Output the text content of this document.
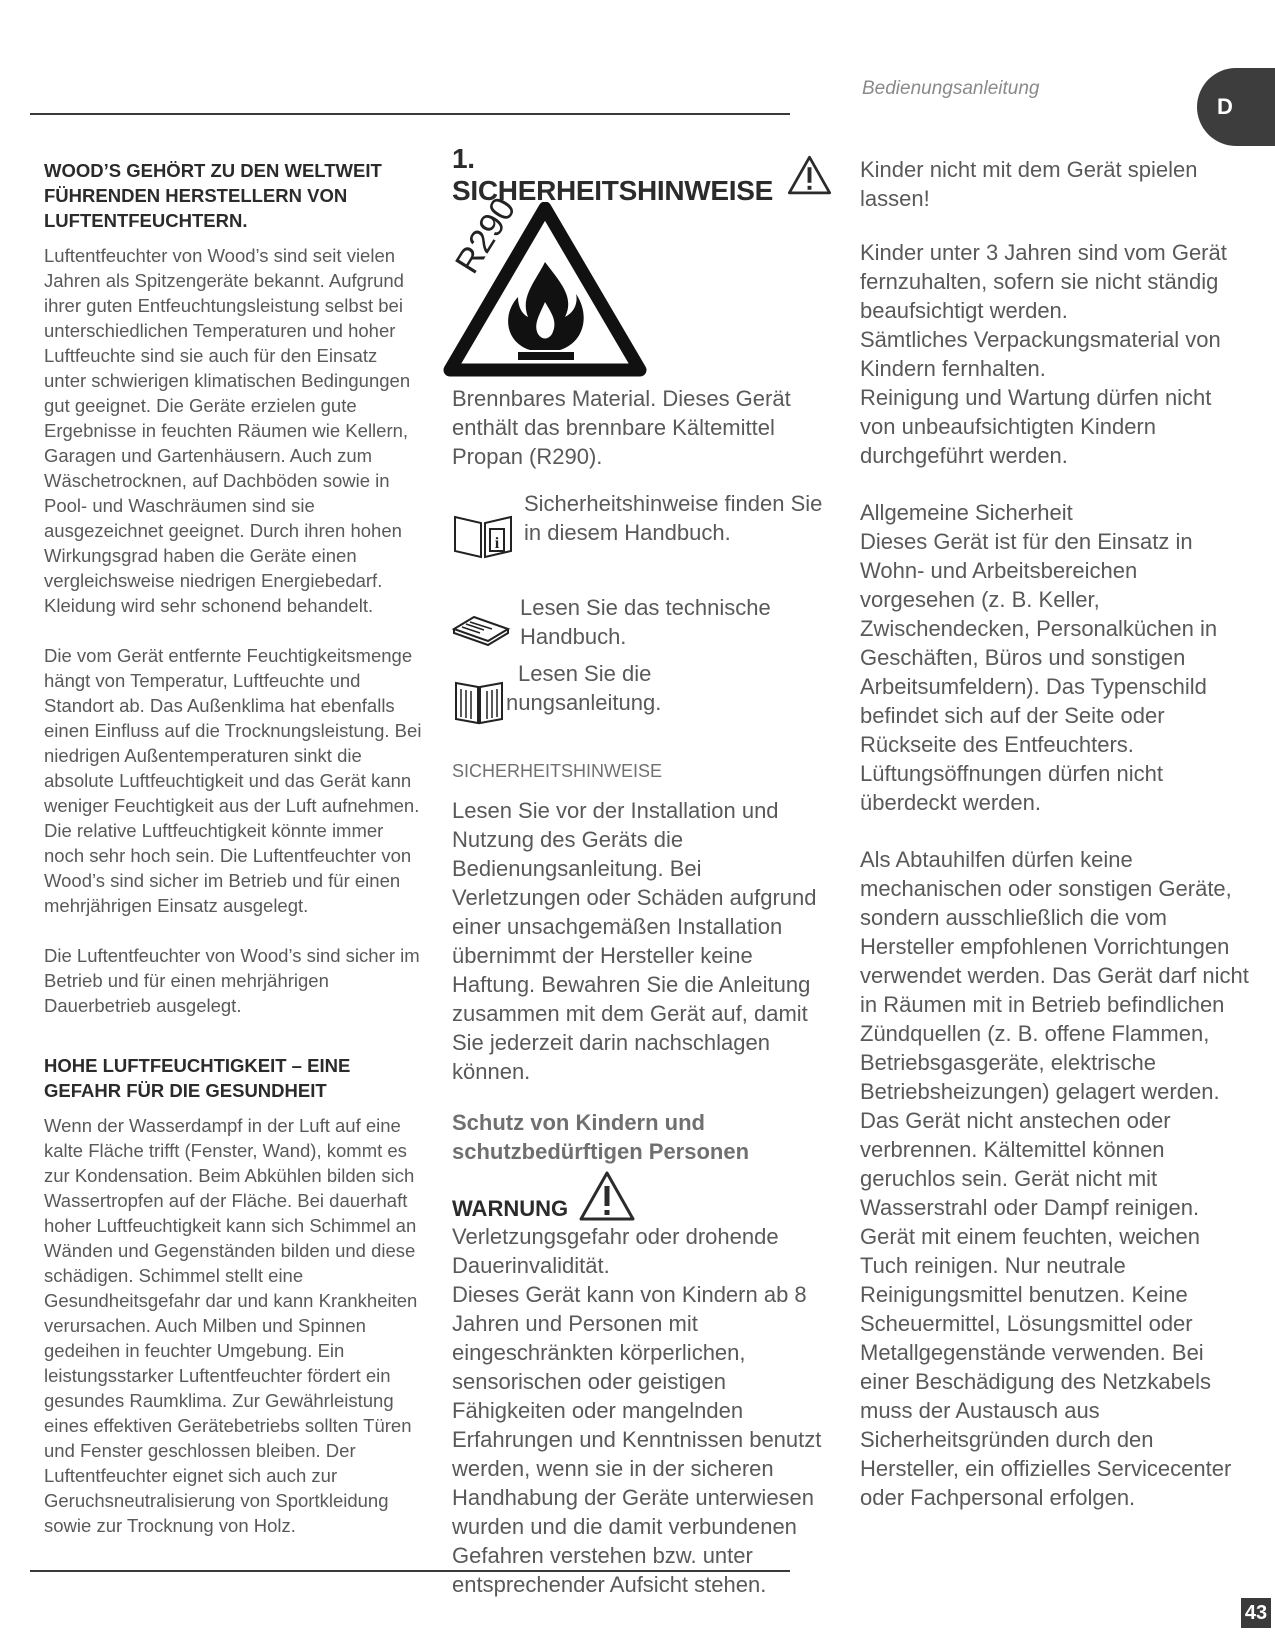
Bedienungsanleitung
D
WOOD’S GEHÖRT ZU DEN WELTWEIT FÜHRENDEN HERSTELLERN VON LUFTENTFEUCHTERN.

Luftentfeuchter von Wood’s sind seit vielen Jahren als Spitzengeräte bekannt. Aufgrund ihrer guten Entfeuchtungsleistung selbst bei unterschiedlichen Temperaturen und hoher Luftfeuchte sind sie auch für den Einsatz unter schwierigen klimatischen Bedingungen gut geeignet. Die Geräte erzielen gute Ergebnisse in feuchten Räumen wie Kellern, Garagen und Gartenhäusern. Auch zum Wäschetrocknen, auf Dachböden sowie in Pool- und Waschräumen sind sie ausgezeichnet geeignet. Durch ihren hohen Wirkungsgrad haben die Geräte einen vergleichsweise niedrigen Energiebedarf. Kleidung wird sehr schonend behandelt.

Die vom Gerät entfernte Feuchtigkeitsmenge hängt von Temperatur, Luftfeuchte und Standort ab. Das Außenklima hat ebenfalls einen Einfluss auf die Trocknungsleistung. Bei niedrigen Außentemperaturen sinkt die absolute Luftfeuchtigkeit und das Gerät kann weniger Feuchtigkeit aus der Luft aufnehmen. Die relative Luftfeuchtigkeit könnte immer noch sehr hoch sein. Die Luftentfeuchter von Wood’s sind sicher im Betrieb und für einen mehrjährigen Einsatz ausgelegt.

Die Luftentfeuchter von Wood’s sind sicher im Betrieb und für einen mehrjährigen Dauerbetrieb ausgelegt.

HOHE LUFTFEUCHTIGKEIT – EINE GEFAHR FÜR DIE GESUNDHEIT

Wenn der Wasserdampf in der Luft auf eine kalte Fläche trifft (Fenster, Wand), kommt es zur Kondensation. Beim Abkühlen bilden sich Wassertropfen auf der Fläche. Bei dauerhaft hoher Luftfeuchtigkeit kann sich Schimmel an Wänden und Gegenständen bilden und diese schädigen. Schimmel stellt eine Gesundheitsgefahr dar und kann Krankheiten verursachen. Auch Milben und Spinnen gedeihen in feuchter Umgebung. Ein leistungsstarker Luftentfeuchter fördert ein gesundes Raumklima. Zur Gewährleistung eines effektiven Gerätebetriebs sollten Türen und Fenster geschlossen bleiben. Der Luftentfeuchter eignet sich auch zur Geruchsneutralisierung von Sportkleidung sowie zur Trocknung von Holz.

1. SICHERHEITSHINWEISE
R290
Brennbares Material. Dieses Gerät enthält das brennbare Kältemittel Propan (R290).
i
Sicherheitshinweise finden Sie in diesem Handbuch.
Lesen Sie das technische Handbuch.
Lesen Sie die
nungsanleitung.
SICHERHEITSHINWEISE
Lesen Sie vor der Installation und Nutzung des Geräts die Bedienungsanleitung. Bei Verletzungen oder Schäden aufgrund einer unsachgemäßen Installation übernimmt der Hersteller keine Haftung. Bewahren Sie die Anleitung zusammen mit dem Gerät auf, damit Sie jederzeit darin nachschlagen können.
Schutz von Kindern und schutzbedürftigen Personen
WARNUNG
Verletzungsgefahr oder drohende Dauerinvalidität.
Dieses Gerät kann von Kindern ab 8 Jahren und Personen mit eingeschränkten körperlichen, sensorischen oder geistigen Fähigkeiten oder mangelnden Erfahrungen und Kenntnissen benutzt werden, wenn sie in der sicheren Handhabung der Geräte unterwiesen wurden und die damit verbundenen Gefahren verstehen bzw. unter entsprechender Aufsicht stehen.

Kinder nicht mit dem Gerät spielen lassen!

Kinder unter 3 Jahren sind vom Gerät fernzuhalten, sofern sie nicht ständig beaufsichtigt werden.
Sämtliches Verpackungsmaterial von Kindern fernhalten.
Reinigung und Wartung dürfen nicht von unbeaufsichtigten Kindern durchgeführt werden.

Allgemeine Sicherheit
Dieses Gerät ist für den Einsatz in Wohn- und Arbeitsbereichen vorgesehen (z. B. Keller, Zwischendecken, Personalküchen in Geschäften, Büros und sonstigen Arbeitsumfeldern). Das Typenschild befindet sich auf der Seite oder Rückseite des Entfeuchters. Lüftungsöffnungen dürfen nicht überdeckt werden.

Als Abtauhilfen dürfen keine mechanischen oder sonstigen Geräte, sondern ausschließlich die vom Hersteller empfohlenen Vorrichtungen verwendet werden. Das Gerät darf nicht in Räumen mit in Betrieb befindlichen Zündquellen (z. B. offene Flammen, Betriebsgasgeräte, elektrische Betriebsheizungen) gelagert werden. Das Gerät nicht anstechen oder verbrennen. Kältemittel können geruchlos sein. Gerät nicht mit Wasserstrahl oder Dampf reinigen. Gerät mit einem feuchten, weichen Tuch reinigen. Nur neutrale Reinigungsmittel benutzen. Keine Scheuermittel, Lösungsmittel oder Metallgegenstände verwenden. Bei einer Beschädigung des Netzkabels muss der Austausch aus Sicherheitsgründen durch den Hersteller, ein offizielles Servicecenter oder Fachpersonal erfolgen.

43
